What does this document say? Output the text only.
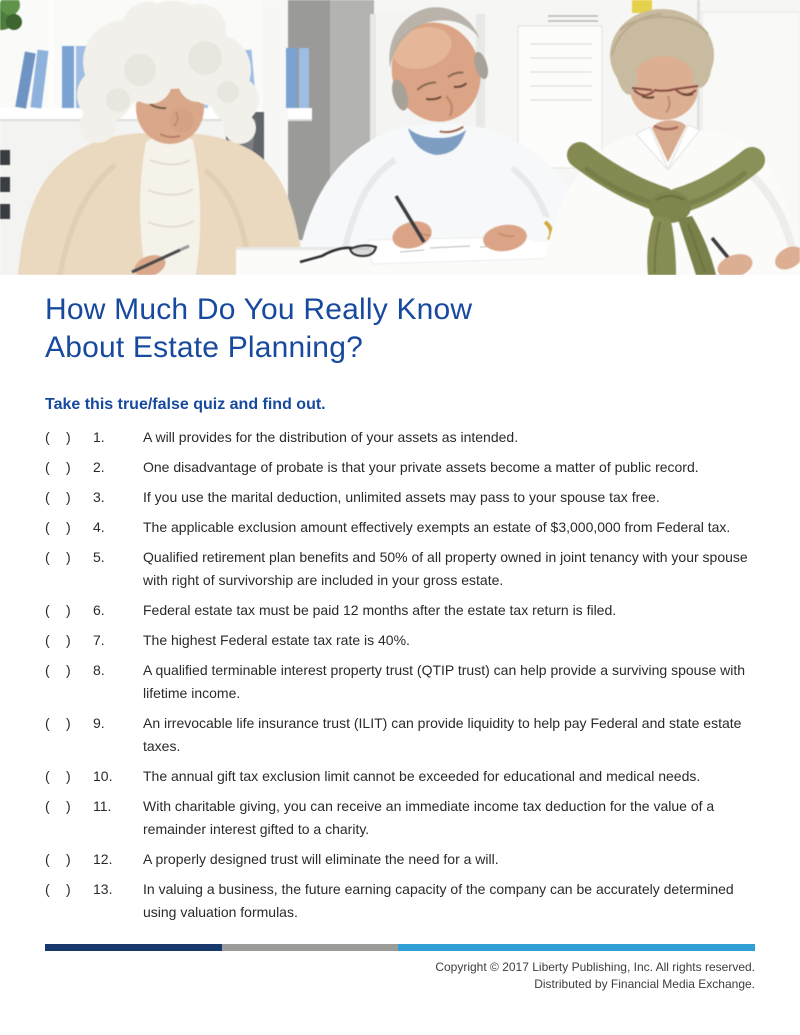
How Much Do You Really Know
About Estate Planning?
Take this true/false quiz and find out.
(	)	1.	A will provides for the distribution of your assets as intended.
(	)	2.	One disadvantage of probate is that your private assets become a matter of public record.
(	)	3.	If you use the marital deduction, unlimited assets may pass to your spouse tax free.
(	)	4.	The applicable exclusion amount effectively exempts an estate of $3,000,000 from Federal tax.
(	)	5.	Qualified retirement plan benefits and 50% of all property owned in joint tenancy with your spouse with right of survivorship are included in your gross estate.
(	)	6.	Federal estate tax must be paid 12 months after the estate tax return is filed.
(	)	7.	The highest Federal estate tax rate is 40%.
(	)	8.	A qualified terminable interest property trust (QTIP trust) can help provide a surviving spouse with lifetime income.
(	)	9.	An irrevocable life insurance trust (ILIT) can provide liquidity to help pay Federal and state estate taxes.
(	)	10.	The annual gift tax exclusion limit cannot be exceeded for educational and medical needs.
(	)	11.	With charitable giving, you can receive an immediate income tax deduction for the value of a remainder interest gifted to a charity.
(	)	12.	A properly designed trust will eliminate the need for a will.
(	)	13.	In valuing a business, the future earning capacity of the company can be accurately determined using valuation formulas.
Copyright © 2017 Liberty Publishing, Inc. All rights reserved.
Distributed by Financial Media Exchange.
